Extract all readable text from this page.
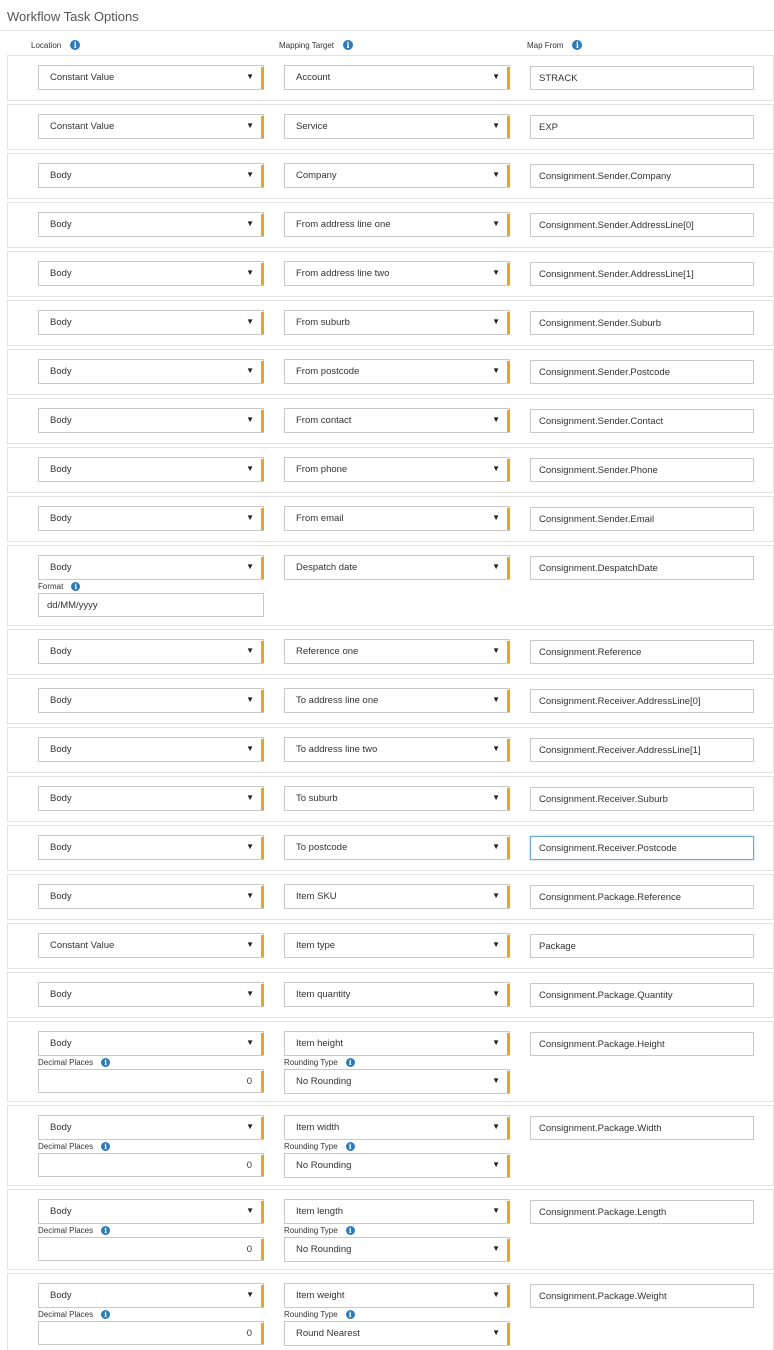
Workflow Task Options
Location	i	Mapping Target	i	Map From	i
Constant Value	▼	Account	▼	STRACK
Constant Value	▼	Service	▼	EXP
Body	▼	Company	▼	Consignment.Sender.Company
Body	▼	From address line one	▼	Consignment.Sender.AddressLine[0]
Body	▼	From address line two	▼	Consignment.Sender.AddressLine[1]
Body	▼	From suburb	▼	Consignment.Sender.Suburb
Body	▼	From postcode	▼	Consignment.Sender.Postcode
Body	▼	From contact	▼	Consignment.Sender.Contact
Body	▼	From phone	▼	Consignment.Sender.Phone
Body	▼	From email	▼	Consignment.Sender.Email
Body	▼	Despatch date	▼	Consignment.DespatchDate
Format	i
dd/MM/yyyy
Body	▼	Reference one	▼	Consignment.Reference
Body	▼	To address line one	▼	Consignment.Receiver.AddressLine[0]
Body	▼	To address line two	▼	Consignment.Receiver.AddressLine[1]
Body	▼	To suburb	▼	Consignment.Receiver.Suburb
Body	▼	To postcode	▼	Consignment.Receiver.Postcode
Body	▼	Item SKU	▼	Consignment.Package.Reference
Constant Value	▼	Item type	▼	Package
Body	▼	Item quantity	▼	Consignment.Package.Quantity
Body	▼	Item height	▼	Consignment.Package.Height
Decimal Places	i
0
Rounding Type	i
No Rounding	▼
Body	▼	Item width	▼	Consignment.Package.Width
Decimal Places	i
0
Rounding Type	i
No Rounding	▼
Body	▼	Item length	▼	Consignment.Package.Length
Decimal Places	i
0
Rounding Type	i
No Rounding	▼
Body	▼	Item weight	▼	Consignment.Package.Weight
Decimal Places	i
0
Rounding Type	i
Round Nearest	▼
